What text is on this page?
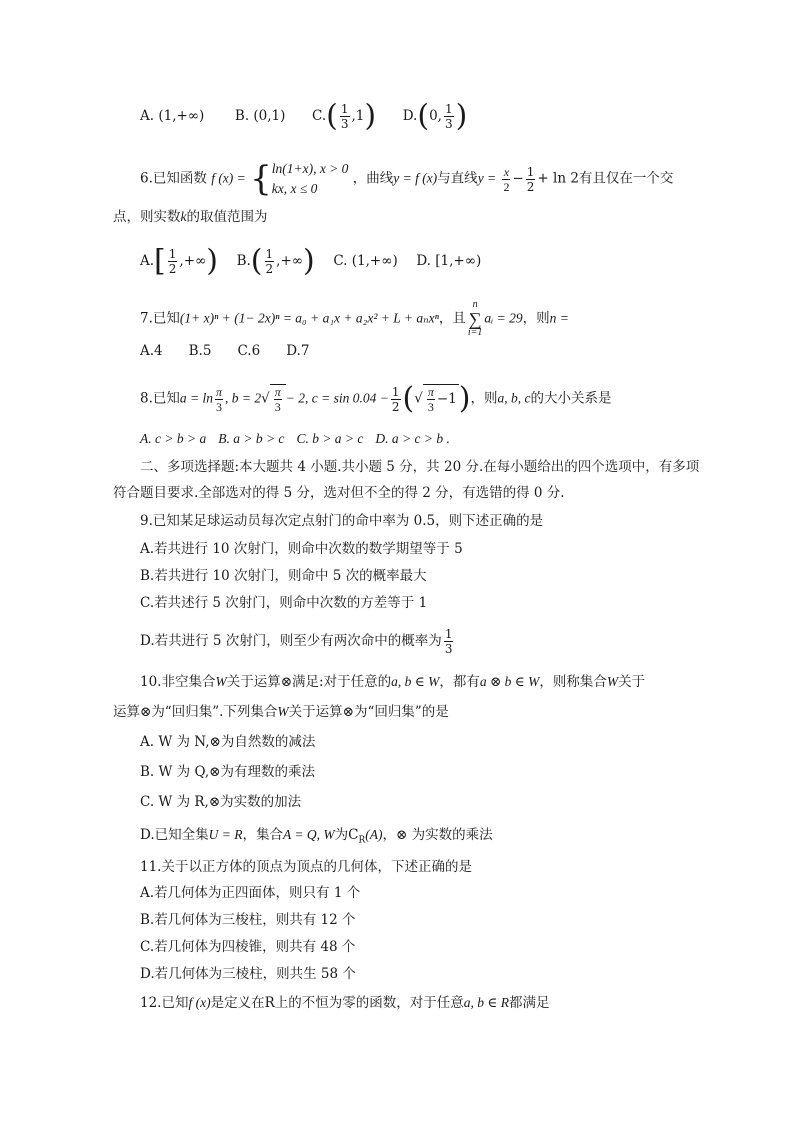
A. (1,+∞) B. (0,1) $C.( \frac{1}{3} ,1)$ D.(0, $\frac{1}{3}$ )
6.已知函数 f (x) = { ln(1+x), x > 0
kx, x ≤ 0
，曲线y = f (x)与直线$y = \frac{x}{2} - \frac{1}{2} + \ln 2$有且仅在一个交
点，则实数k的取值范围为
$A.[ \frac{1}{2}$ ,+∞) $B.( \frac{1}{2}$ ,+∞) C. (1,+∞) D. [1,+∞)
7.已知(1+ x)ⁿ + (1− 2x)ⁿ = a₀ + a₁x + a₂x² + L + aₙxⁿ，且
n
∑
i=1
aᵢ = 29，则n =
A.4 B.5 C.6 D.7
8.已知$a = \ln \frac{\pi}{3}$ , $b = 2√ \frac{\pi}{3} - 2$, $c = \sin 0.04 - \frac{1}{2}$ (√ $\frac{\pi}{3} -1$)，则a, b, c的大小关系是
A. c > b > a B. a > b > c C. b > a > c D. a > c > b .
二、多项选择题:本大题共 4 小题.共小题 5 分，共 20 分.在每小题给出的四个选项中，有多项
符合题目要求.全部选对的得 5 分，选对但不全的得 2 分，有选错的得 0 分.
9.已知某足球运动员每次定点射门的命中率为 0.5，则下述正确的是
A.若共进行 10 次射门，则命中次数的数学期望等于 5
B.若共进行 10 次射门，则命中 5 次的概率最大
C.若共述行 5 次射门，则命中次数的方差等于 1
D.若共进行 5 次射门，则至少有两次命中的概率为 $\frac{1}{3}$
10.非空集合W关于运算⊗满足:对于任意的a, b ∈ W，都有a ⊗ b ∈ W，则称集合W关于
运算⊗为“回归集”.下列集合W关于运算⊗为“回归集”的是
A. W 为 N,⊗为自然数的减法
B. W 为 Q,⊗为有理数的乘法
C. W 为 R,⊗为实数的加法
D.已知全集U = R，集合A = Q, W为$C_R(A)$，⊗ 为实数的乘法
11.关于以正方体的顶点为顶点的几何体，下述正确的是
A.若几何体为正四面体，则只有 1 个
B.若几何体为三梭柱，则共有 12 个
C.若几何体为四棱锥，则共有 48 个
D.若几何体为三棱柱，则共生 58 个
12.已知f (x)是定义在R上的不恒为零的函数，对于任意a, b ∈ R都满足
